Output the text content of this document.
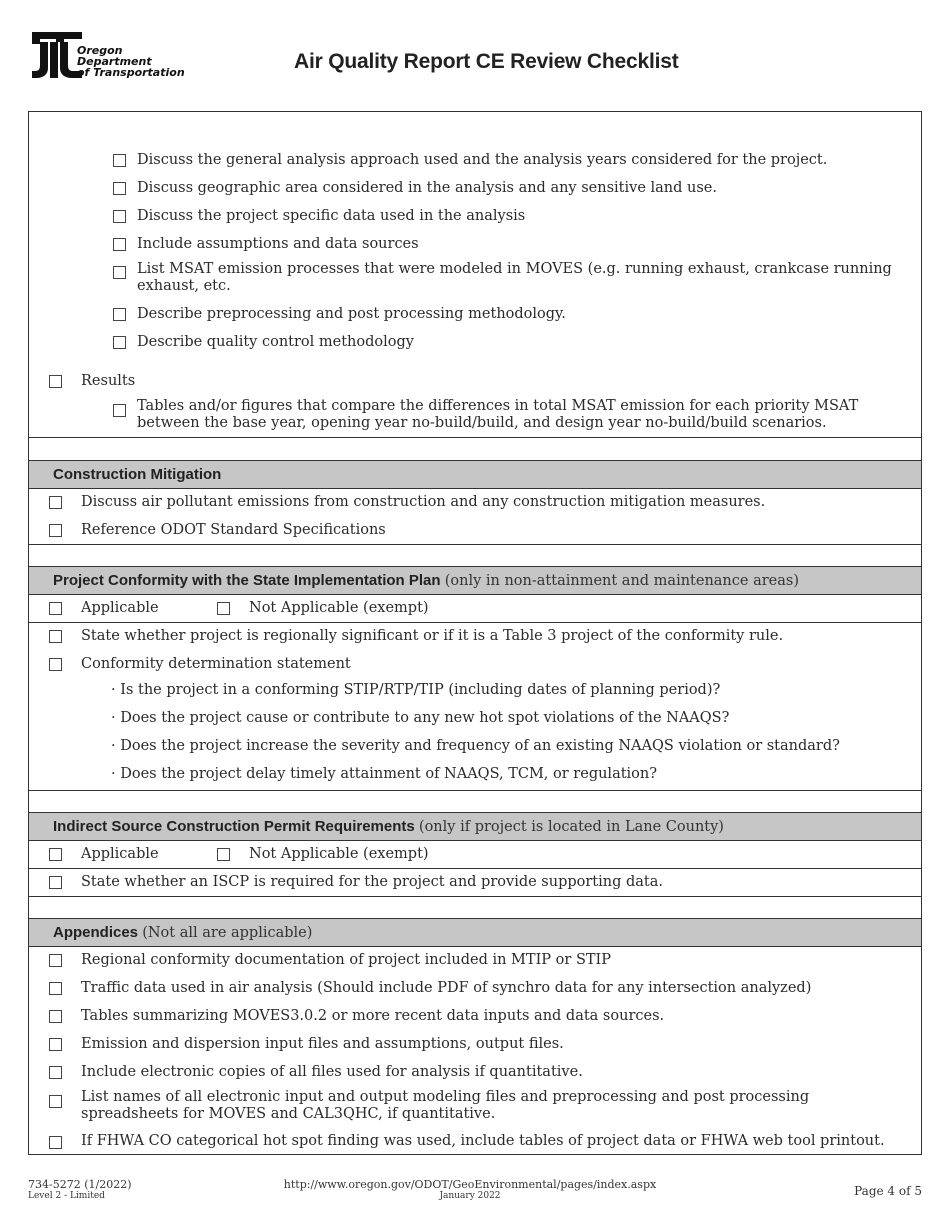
Oregon
Department
of Transportation	Air Quality Report CE Review Checklist
Discuss the general analysis approach used and the analysis years considered for the project.
Discuss geographic area considered in the analysis and any sensitive land use.
Discuss the project specific data used in the analysis
Include assumptions and data sources
List MSAT emission processes that were modeled in MOVES (e.g. running exhaust, crankcase running exhaust, etc.
Describe preprocessing and post processing methodology.
Describe quality control methodology
Results
Tables and/or figures that compare the differences in total MSAT emission for each priority MSAT between the base year, opening year no-build/build, and design year no-build/build scenarios.
Construction Mitigation
Discuss air pollutant emissions from construction and any construction mitigation measures.
Reference ODOT Standard Specifications
Project Conformity with the State Implementation Plan (only in non-attainment and maintenance areas)
Applicable	Not Applicable (exempt)
State whether project is regionally significant or if it is a Table 3 project of the conformity rule.
Conformity determination statement
· Is the project in a conforming STIP/RTP/TIP (including dates of planning period)?
· Does the project cause or contribute to any new hot spot violations of the NAAQS?
· Does the project increase the severity and frequency of an existing NAAQS violation or standard?
· Does the project delay timely attainment of NAAQS, TCM, or regulation?
Indirect Source Construction Permit Requirements (only if project is located in Lane County)
Applicable	Not Applicable (exempt)
State whether an ISCP is required for the project and provide supporting data.
Appendices (Not all are applicable)
Regional conformity documentation of project included in MTIP or STIP
Traffic data used in air analysis (Should include PDF of synchro data for any intersection analyzed)
Tables summarizing MOVES3.0.2 or more recent data inputs and data sources.
Emission and dispersion input files and assumptions, output files.
Include electronic copies of all files used for analysis if quantitative.
List names of all electronic input and output modeling files and preprocessing and post processing spreadsheets for MOVES and CAL3QHC, if quantitative.
If FHWA CO categorical hot spot finding was used, include tables of project data or FHWA web tool printout.
734-5272 (1/2022)
Level 2 - Limited
http://www.oregon.gov/ODOT/GeoEnvironmental/pages/index.aspx
January 2022	Page 4 of 5
